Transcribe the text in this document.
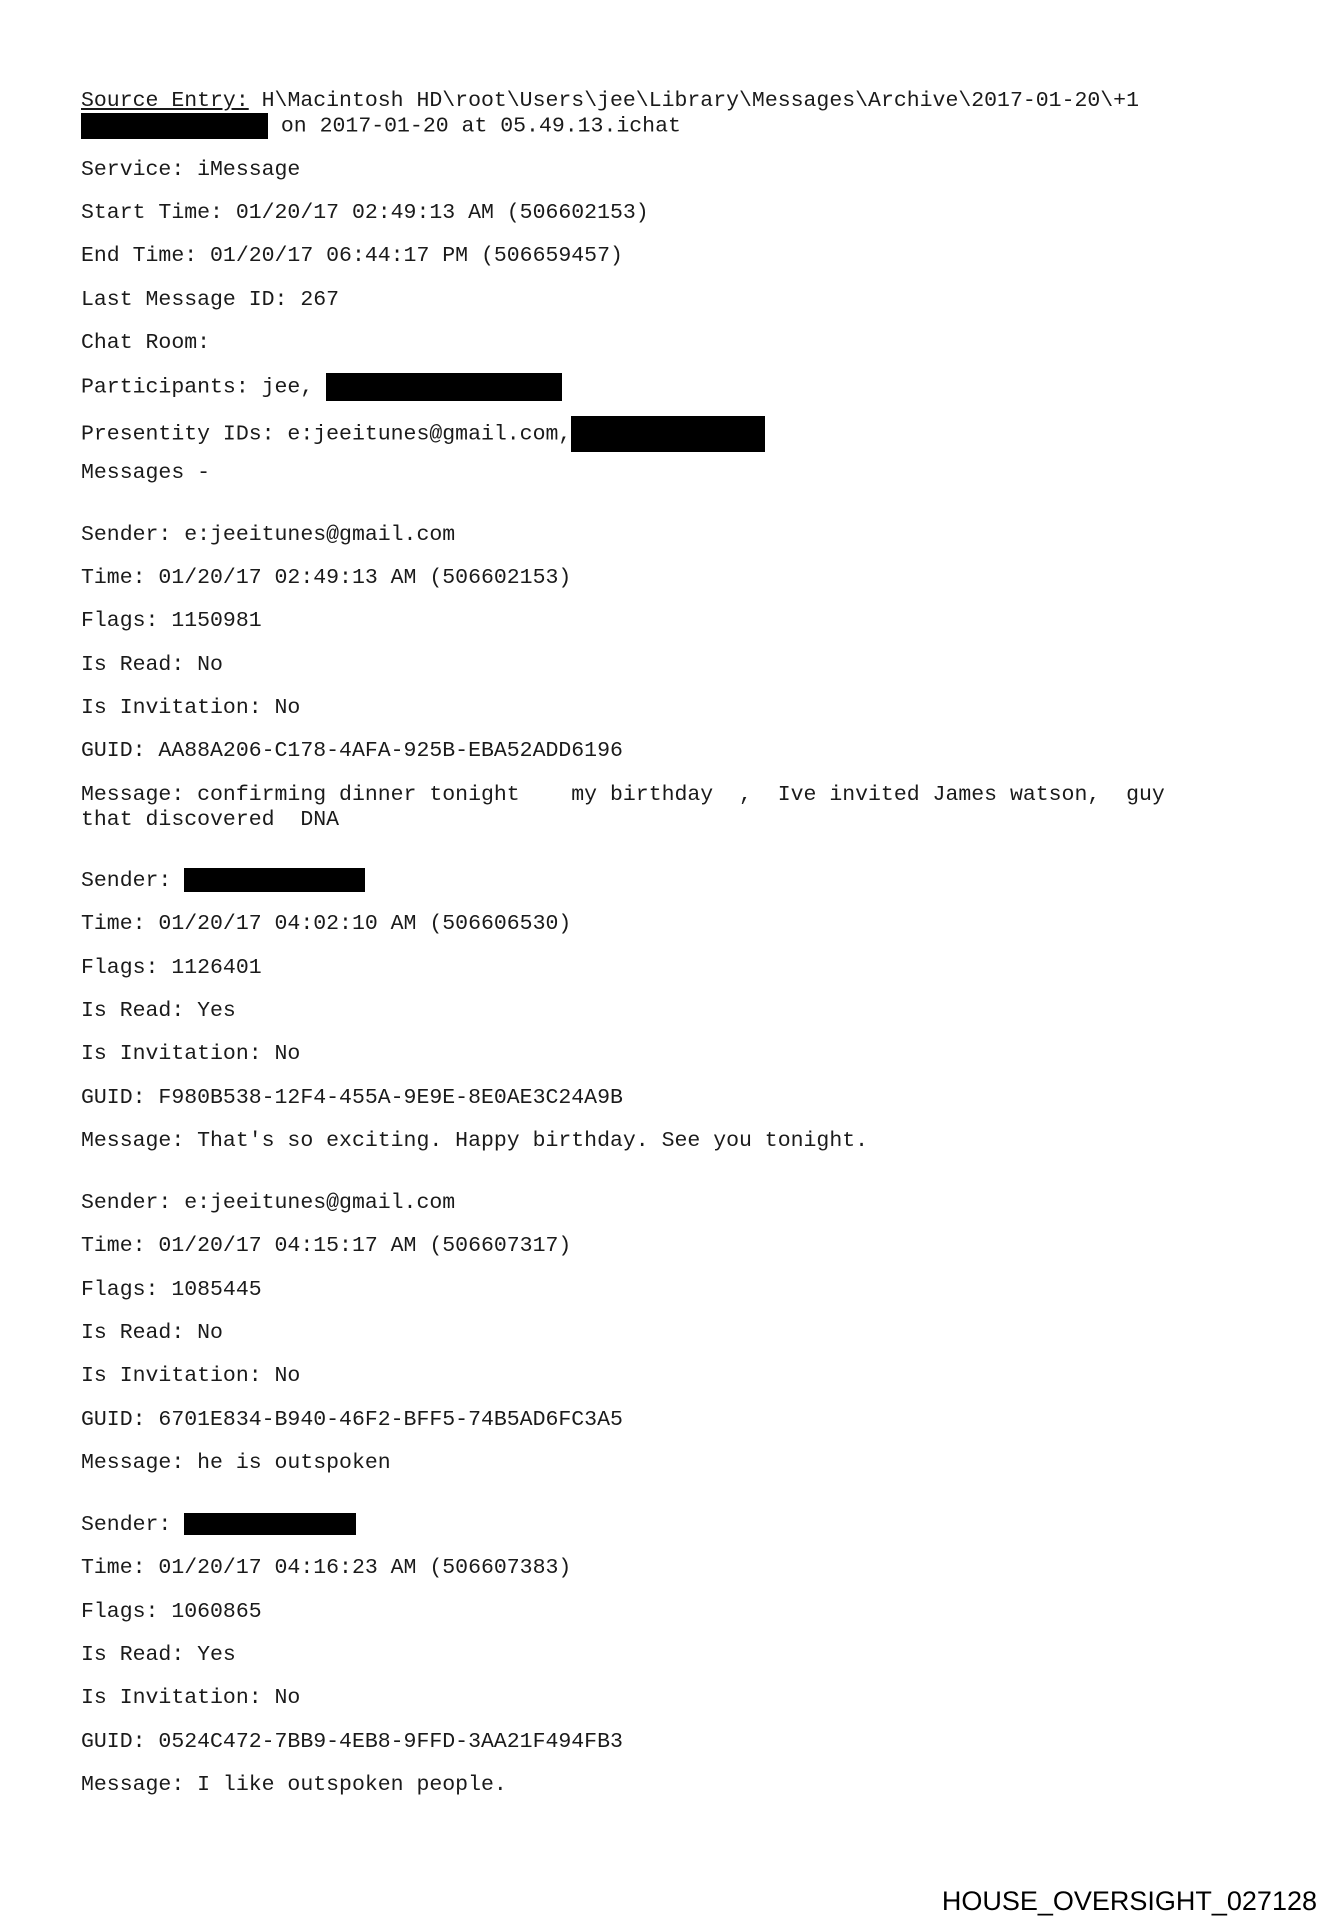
Source Entry: H\Macintosh HD\root\Users\jee\Library\Messages\Archive\2017-01-20\+1
on 2017-01-20 at 05.49.13.ichat
Service: iMessage
Start Time: 01/20/17 02:49:13 AM (506602153)
End Time: 01/20/17 06:44:17 PM (506659457)
Last Message ID: 267
Chat Room:
Participants: jee,
Presentity IDs: e:jeeitunes@gmail.com,
Messages -
Sender: e:jeeitunes@gmail.com
Time: 01/20/17 02:49:13 AM (506602153)
Flags: 1150981
Is Read: No
Is Invitation: No
GUID: AA88A206-C178-4AFA-925B-EBA52ADD6196
Message: confirming dinner tonight    my birthday  ,  Ive invited James watson,  guy
that discovered  DNA
Sender:
Time: 01/20/17 04:02:10 AM (506606530)
Flags: 1126401
Is Read: Yes
Is Invitation: No
GUID: F980B538-12F4-455A-9E9E-8E0AE3C24A9B
Message: That's so exciting. Happy birthday. See you tonight.
Sender: e:jeeitunes@gmail.com
Time: 01/20/17 04:15:17 AM (506607317)
Flags: 1085445
Is Read: No
Is Invitation: No
GUID: 6701E834-B940-46F2-BFF5-74B5AD6FC3A5
Message: he is outspoken
Sender:
Time: 01/20/17 04:16:23 AM (506607383)
Flags: 1060865
Is Read: Yes
Is Invitation: No
GUID: 0524C472-7BB9-4EB8-9FFD-3AA21F494FB3
Message: I like outspoken people.
HOUSE_OVERSIGHT_027128
